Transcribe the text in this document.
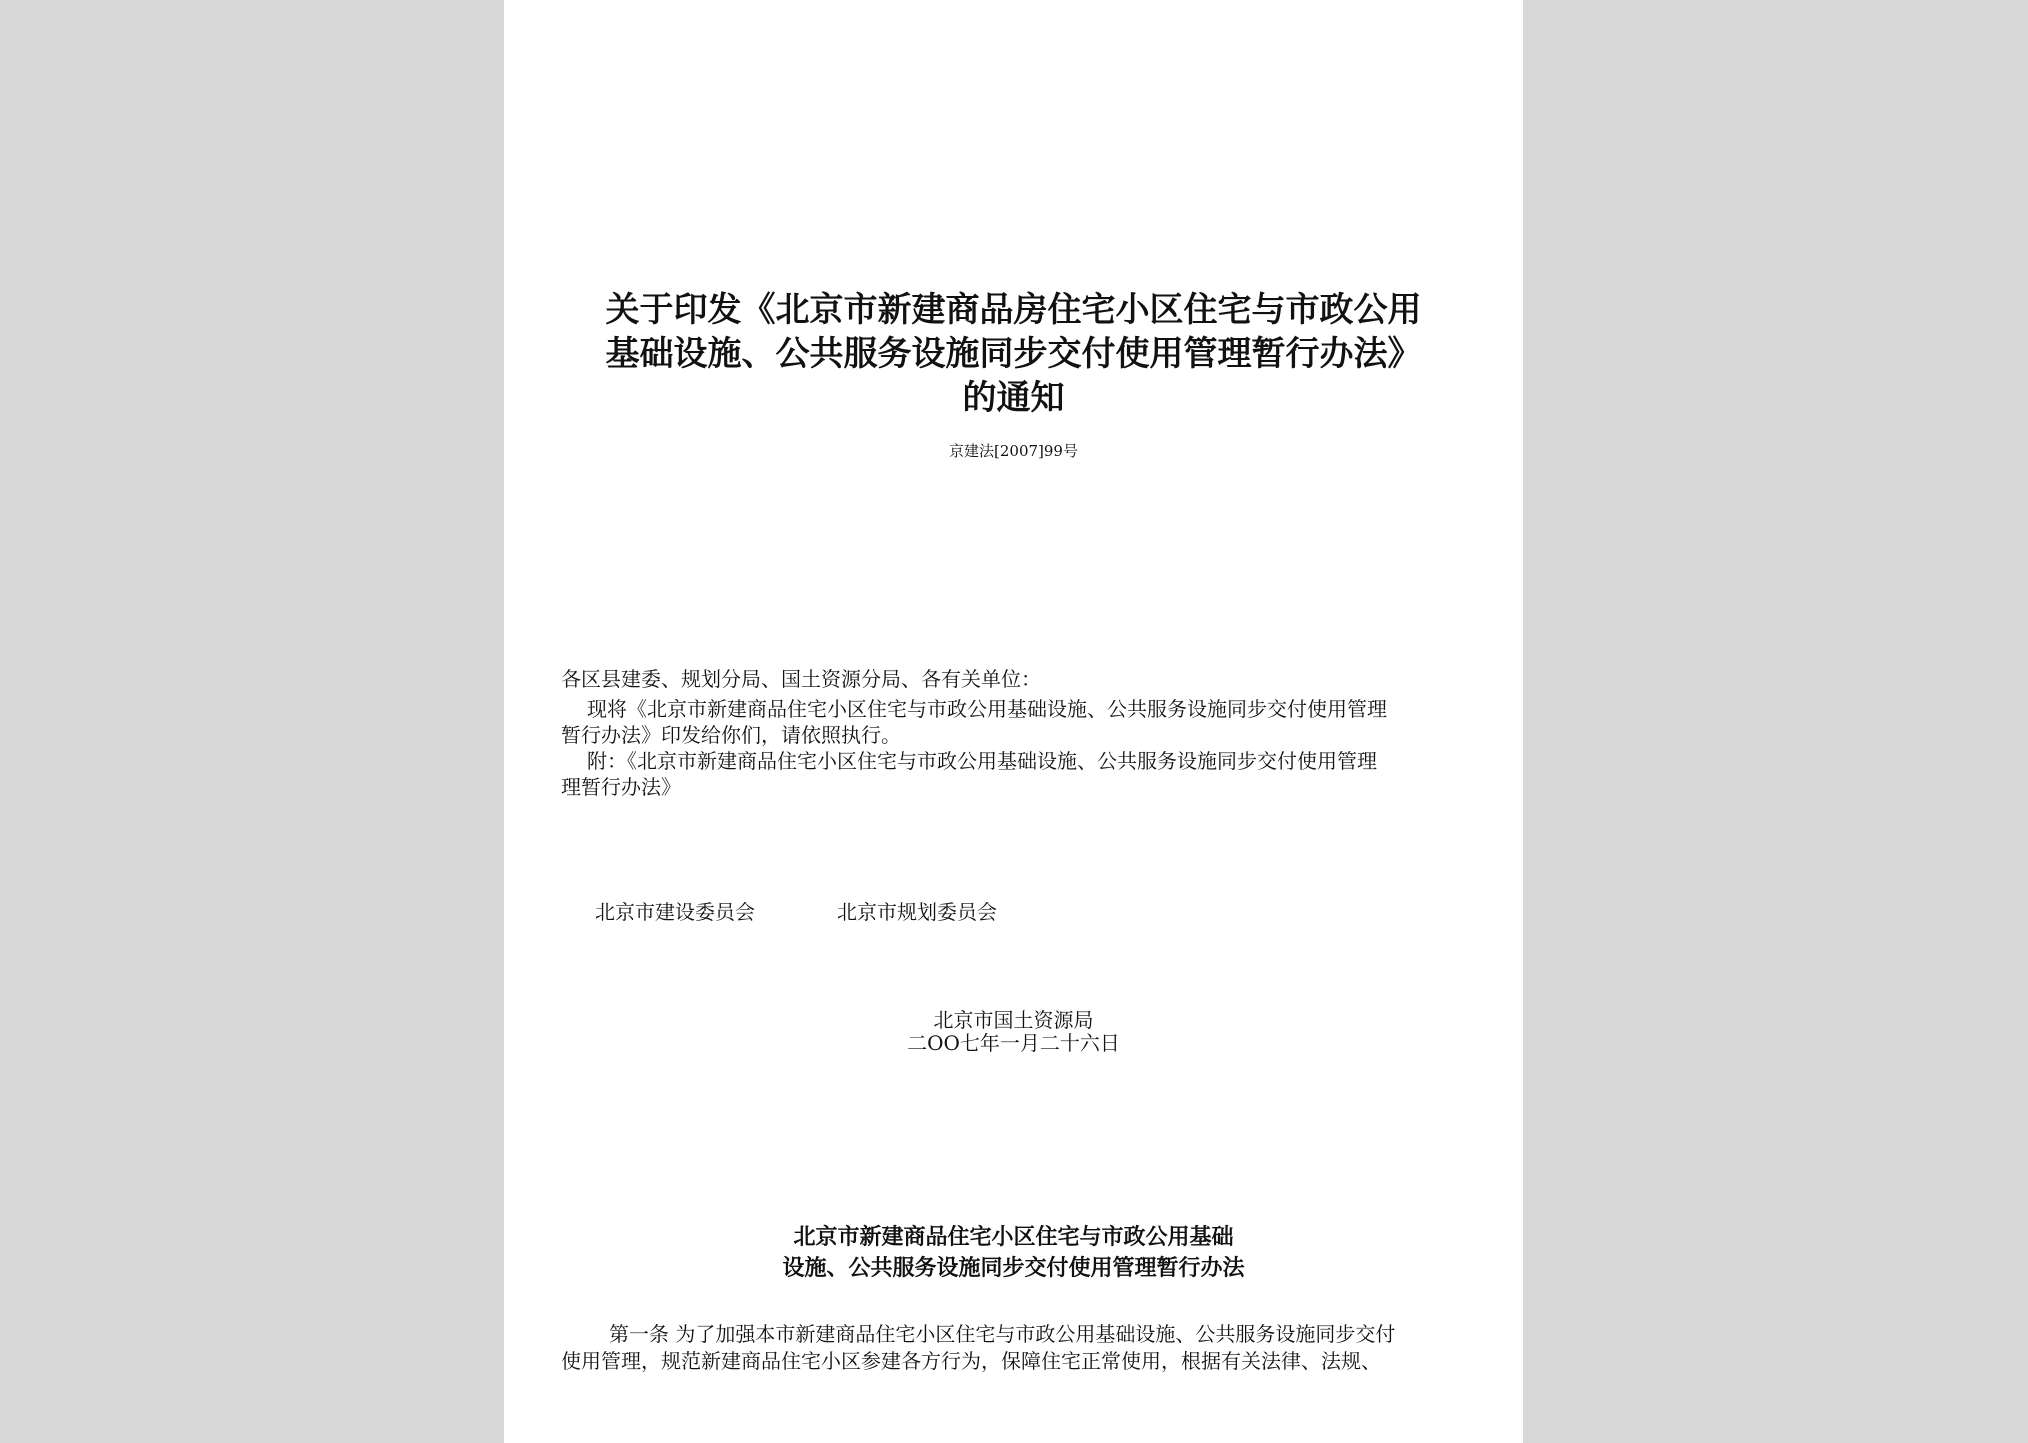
关于印发《北京市新建商品房住宅小区住宅与市政公用
基础设施、公共服务设施同步交付使用管理暂行办法》
的通知
京建法[2007]99号
各区县建委、规划分局、国土资源分局、各有关单位：
现将《北京市新建商品住宅小区住宅与市政公用基础设施、公共服务设施同步交付使用管理
暂行办法》印发给你们，请依照执行。
附：《北京市新建商品住宅小区住宅与市政公用基础设施、公共服务设施同步交付使用管理
理暂行办法》
北京市建设委员会	北京市规划委员会
北京市国土资源局
二OO七年一月二十六日
北京市新建商品住宅小区住宅与市政公用基础
设施、公共服务设施同步交付使用管理暂行办法
第一条 为了加强本市新建商品住宅小区住宅与市政公用基础设施、公共服务设施同步交付
使用管理，规范新建商品住宅小区参建各方行为，保障住宅正常使用，根据有关法律、法规、
